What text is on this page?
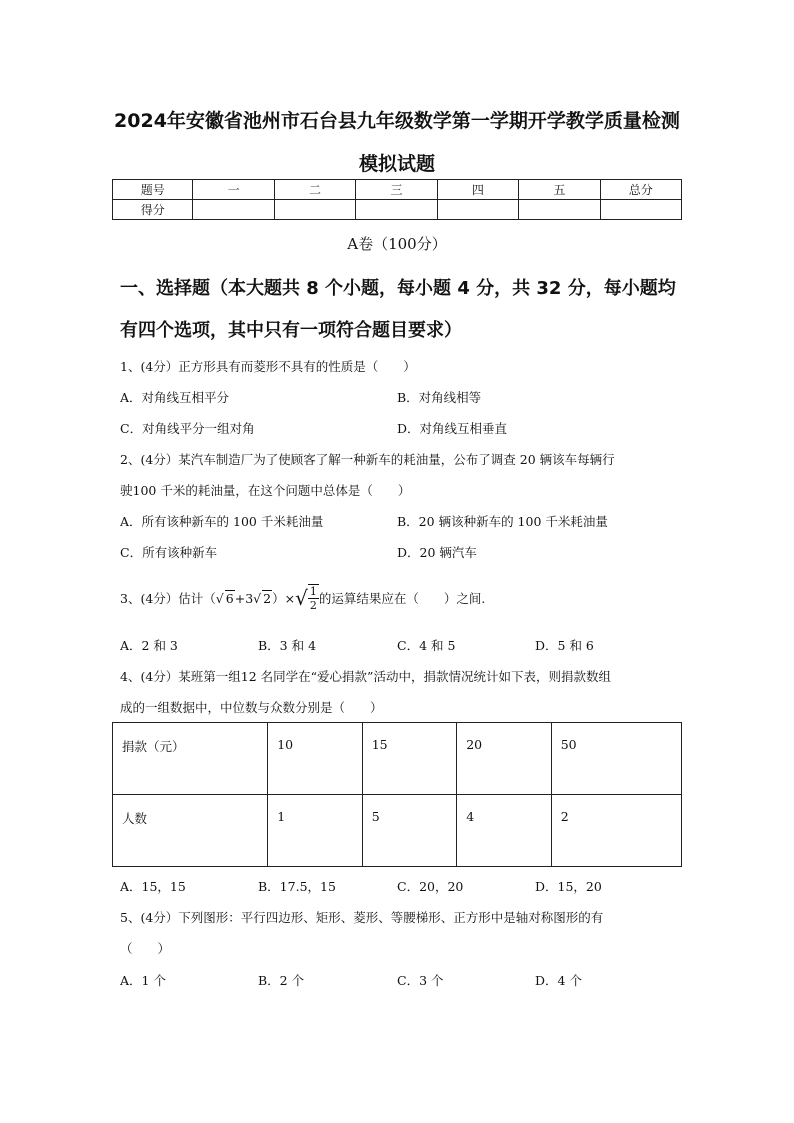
2024年安徽省池州市石台县九年级数学第一学期开学教学质量检测
模拟试题
题号	一	二	三	四	五	总分
得分						
A卷（100分）
一、选择题（本大题共 8 个小题，每小题 4 分，共 32 分，每小题均
有四个选项，其中只有一项符合题目要求）
1、(4分）正方形具有而菱形不具有的性质是（　　）
A．对角线互相平分	B．对角线相等
C．对角线平分一组对角	D．对角线互相垂直
2、(4分）某汽车制造厂为了使顾客了解一种新车的耗油量，公布了调查 20 辆该车每辆行
驶100 千米的耗油量，在这个问题中总体是（　　）
A．所有该种新车的 100 千米耗油量	B．20 辆该种新车的 100 千米耗油量
C．所有该种新车	D．20 辆汽车
3、(4分）估计（ √ 6 +3 √ 2 ）× √ $\frac{1}{2}$ 的运算结果应在（　　）之间.
A．2 和 3	B．3 和 4	C．4 和 5	D．5 和 6
4、(4分）某班第一组12 名同学在“爱心捐款”活动中，捐款情况统计如下表，则捐款数组
成的一组数据中，中位数与众数分别是（　　）
捐款（元）	10	15	20	50
人数	1	5	4	2
A．15，15	B．17.5，15	C．20，20	D．15，20
5、(4分）下列图形：平行四边形、矩形、菱形、等腰梯形、正方形中是轴对称图形的有
（　　）
A．1 个	B．2 个	C．3 个	D．4 个
